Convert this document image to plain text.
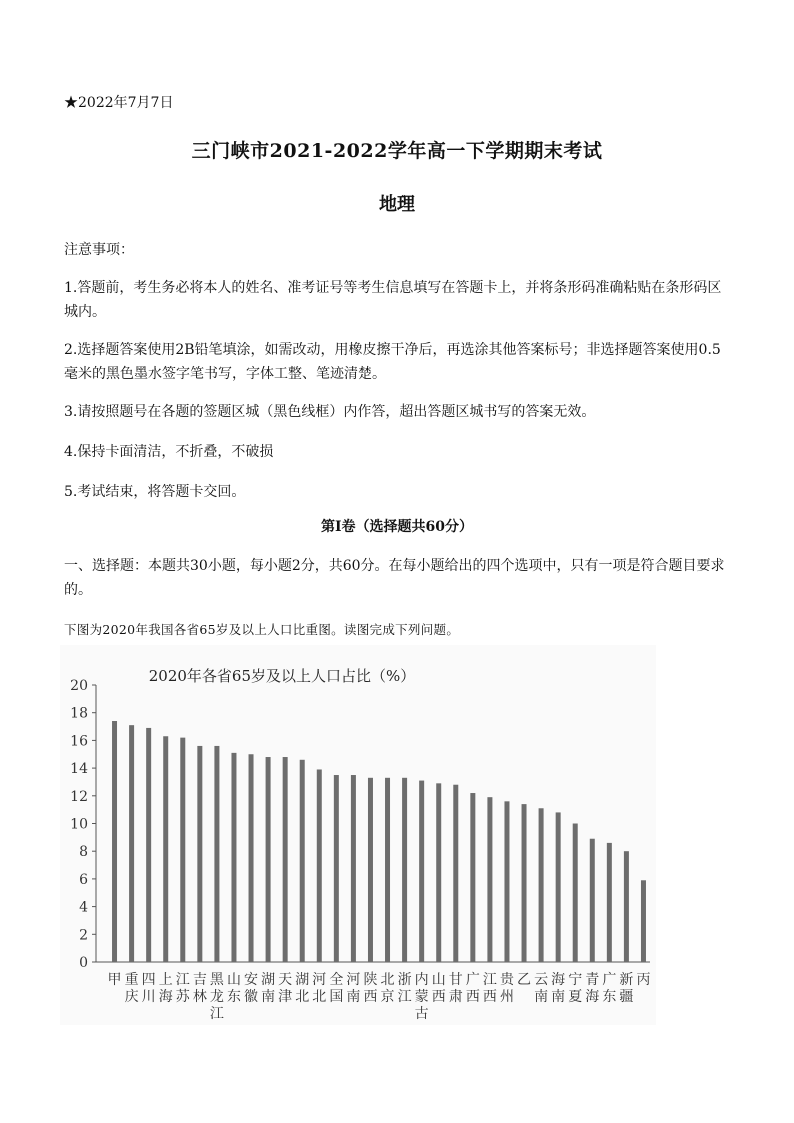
★2022年7月7日
三门峡市2021-2022学年高一下学期期末考试
地理
注意事项：
1.答题前，考生务必将本人的姓名、准考证号等考生信息填写在答题卡上，并将条形码准确粘贴在条形码区城内。
2.选择题答案使用2B铅笔填涂，如需改动，用橡皮擦干净后，再选涂其他答案标号；非选择题答案使用0.5毫米的黑色墨水签字笔书写，字体工整、笔迹清楚。
3.请按照题号在各题的签题区城（黑色线框）内作答，超出答题区城书写的答案无效。
4.保持卡面清洁，不折叠，不破损
5.考试结束，将答题卡交回。
第Ⅰ卷（选择题共60分）
一、选择题：本题共30小题，每小题2分，共60分。在每小题给出的四个选项中，只有一项是符合题目要求的。
下图为2020年我国各省65岁及以上人口比重图。读图完成下列问题。
2020年各省65岁及以上人口占比（%）
0
2
4
6
8
10
12
14
16
18
20
甲 重
庆
四
川
上
海
江
苏
吉
林
黑
龙
江
山
东
安
徽
湖
南
天
津
湖
北
河
北
全
国
河
南
陕
西
北
京
浙
江
内
蒙
古
山
西
甘
肃
广
西
江
西
贵
州
乙 云
南
海
南
宁
夏
青
海
广
东
新
疆
丙
